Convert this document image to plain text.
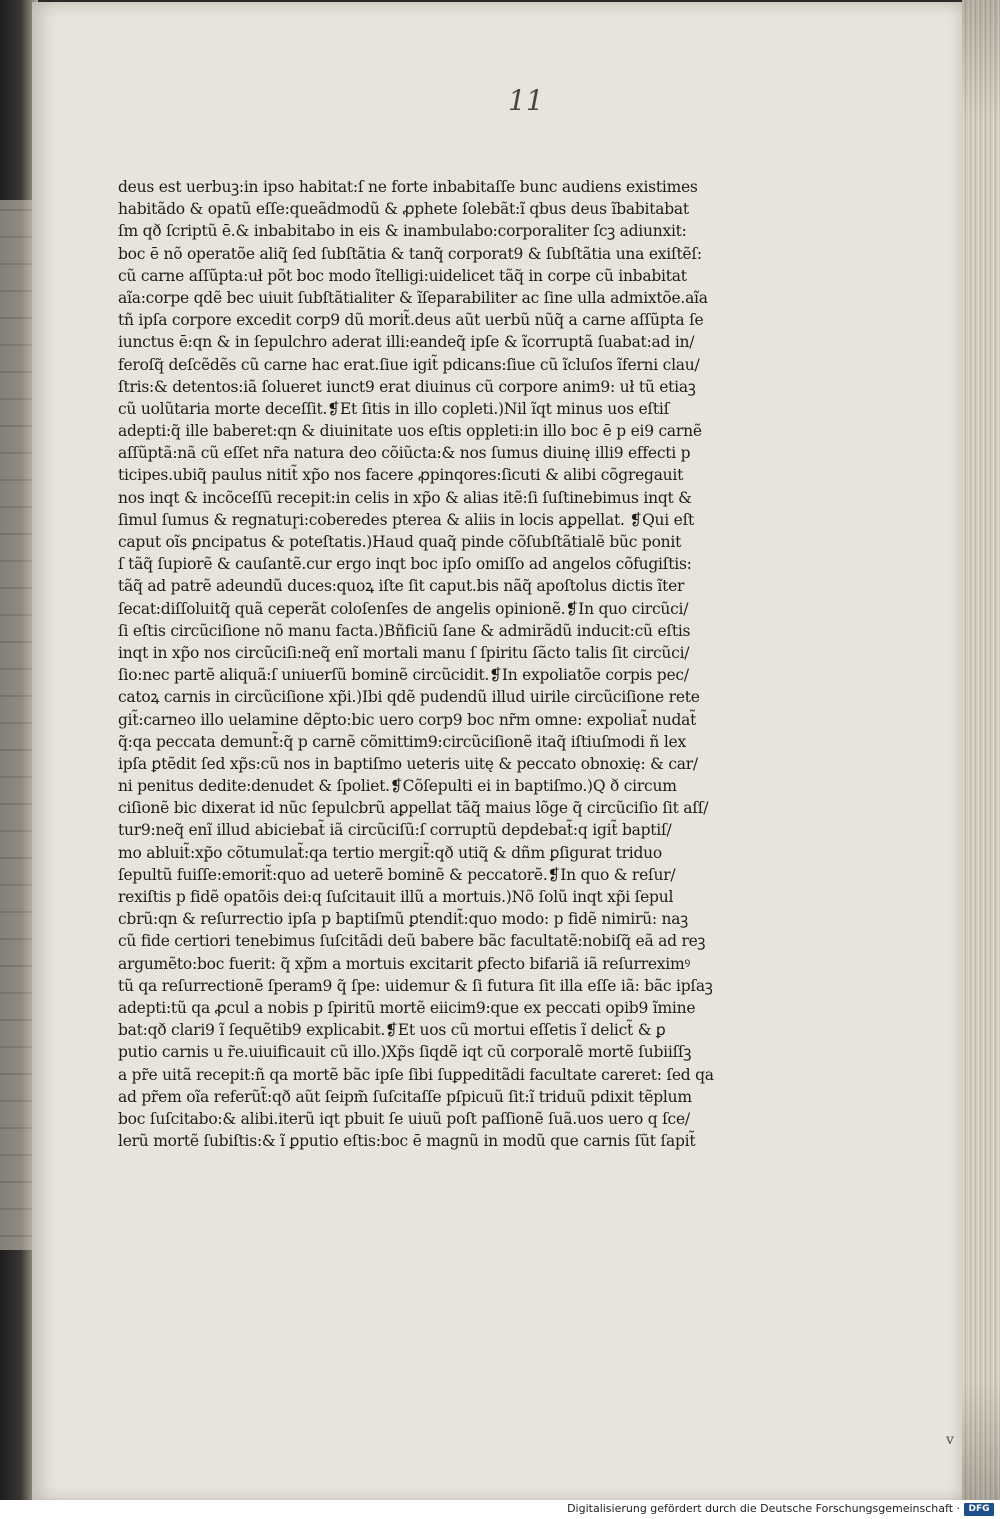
11
deus est uerbuꝫ:in ipso habitat:ſ ne forte inbabitaſſe bunc audiens existimes
habitãdo & opatũ eſſe:queãdmodũ & ꝓphete ſolebãt:ĩ qbus deus ĩbabitabat
ſm qð ſcriptũ ē.& inbabitabo in eis & inambulabo:corporaliter ſcꝫ adiunxit:
boc ē nõ operatõe aliq̃ ſed ſubſtãtia & tanq̃ corporat9 & ſubſtãtia una exiſtẽſ:
cũ carne aſſũpta:uł põt boc modo ĩtelligi:uidelicet tãq̃ in corpe cũ inbabitat
aĩa:corpe qdẽ bec uiuit ſubſtãtialiter & ĩſeparabiliter ac ſine ulla admixtõe.aĩa
tñ ipſa corpore excedit corp9 dũ morit̃.deus aũt uerbũ nũq̃ a carne aſſũpta ſe
iunctus ē:qn & in ſepulchro aderat illi:eandeq̃ ipſe & ĩcorruptã ſuabat:ad in/
feroſq̃ deſcẽdẽs cũ carne hac erat.ſiue igit̃ pdicans:ſiue cũ ĩcluſos ĩferni clau/
ſtris:& detentos:iã ſolueret iunct9 erat diuinus cũ corpore anim9: uł tũ etiaꝫ
cũ uolũtaria morte deceſſit.❡Et ſitis in illo copleti.)Nil ĩqt minus uos eſtiſ
adepti:q̃ ille baberet:qn & diuinitate uos eſtis oppleti:in illo boc ē p ei9 carnẽ
aſſũptã:nã cũ eſſet nr̃a natura deo cõiũcta:& nos ſumus diuinę illi9 effecti p
ticipes.ubiq̃ paulus nitit̃ xp̃o nos facere ꝓpinqores:ſicuti & alibi cõgregauit
nos inqt & incõceſſũ recepit:in celis in xp̃o & alias itẽ:ſi ſuſtinebimus inqt &
ſimul ſumus & regnatuɼi:coberedes pterea & aliis in locis aꝑpellat. ❡Qui eſt
caput oĩs ꝑncipatus & poteſtatis.)Haud quaq̃ pinde cõſubſtãtialẽ bũc ponit
ſ tãq̃ ſupiorẽ & cauſantẽ.cur ergo inqt boc ipſo omiſſo ad angelos cõfugiſtis:
tãq̃ ad patrẽ adeundũ duces:quoꝝ iſte ſit caput.bis nãq̃ apoſtolus dictis ĩter
ſecat:diſſoluitq̃ quã ceperãt coloſenſes de angelis opinionẽ.❡In quo circũci/
ſi eſtis circũciſione nõ manu facta.)Bñficiũ ſane & admirãdũ inducit:cũ eſtis
inqt in xp̃o nos circũciſi:neq̃ enĩ mortali manu ſ ſpiritu ſãcto talis ſit circũci/
ſio:nec partẽ aliquã:ſ uniuerſũ bominẽ circũcidit.❡In expoliatõe corpis pec/
catoꝝ carnis in circũciſione xp̃i.)Ibi qdẽ pudendũ illud uirile circũciſione rete
git̃:carneo illo uelamine dẽpto:bic uero corp9 boc nr̃m omne: expoliat̃ nudat̃
q̃:qa peccata demunt̃:q̃ p carnẽ cõmittim9:circũciſionẽ itaq̃ iſtiuſmodi ñ lex
ipſa ꝑtẽdit ſed xp̃s:cũ nos in baptiſmo ueteris uitę & peccato obnoxię: & car/
ni penitus dedite:denudet & ſpoliet.❡Cõſepulti ei in baptiſmo.)Q ð circum
ciſionẽ bic dixerat id nũc ſepulcbrũ aꝑpellat tãq̃ maius lõge q̃ circũciſio ſit aſſ/
tur9:neq̃ enĩ illud abiciebat̃ iã circũciſũ:ſ corruptũ depdebat̃:q igit̃ baptiſ/
mo abluit̃:xp̃o cõtumulat̃:qa tertio mergit̃:qð utiq̃ & dñm ꝑſigurat triduo
ſepultũ fuiſſe:emorit̃:quo ad ueterẽ bominẽ & peccatorẽ.❡In quo & reſur/
rexiſtis p fidẽ opatõis dei:q ſuſcitauit illũ a mortuis.)Nõ ſolũ inqt xp̃i ſepul
cbrũ:qn & reſurrectio ipſa p baptiſmũ ꝑtendit̃:quo modo: p fidẽ nimirũ: naꝫ
cũ fide certiori tenebimus ſuſcitãdi deũ babere bãc facultatẽ:nobiſq̃ eã ad reꝫ
argumẽto:boc fuerit: q̃ xp̃m a mortuis excitarit ꝑfecto bifariã iã reſurreximꝰ
tũ qa reſurrectionẽ ſperam9 q̃ ſpe: uidemur & ſi futura ſit illa eſſe iã: bãc ipſaꝫ
adepti:tũ qa ꝓcul a nobis p ſpiritũ mortẽ eiicim9:que ex peccati opib9 ĩmine
bat:qð clari9 ĩ ſequẽtib9 explicabit.❡Et uos cũ mortui eſſetis ĩ delict̃ & ꝑ
putio carnis u r̃e.uiuificauit cũ illo.)Xp̃s ſiqdẽ iqt cũ corporalẽ mortẽ ſubiiſſꝫ
a pr̃e uitã recepit:ñ qa mortẽ bãc ipſe ſibi ſuꝑpeditãdi facultate careret: ſed qa
ad pr̃em oĩa referũt̃:qð aũt ſeipm̃ ſuſcitaſſe pſpicuũ ſit:ĩ triduũ pdixit tẽplum
boc ſuſcitabo:& alibi.iterũ iqt pbuit ſe uiuũ poſt paſſionẽ ſuã.uos uero q ſce/
lerũ mortẽ ſubiſtis:& ĩ ꝑputio eſtis:boc ē magnũ in modũ que carnis ſũt ſapit̃
v
Digitalisierung gefördert durch die Deutsche Forschungsgemeinschaft · DFG
